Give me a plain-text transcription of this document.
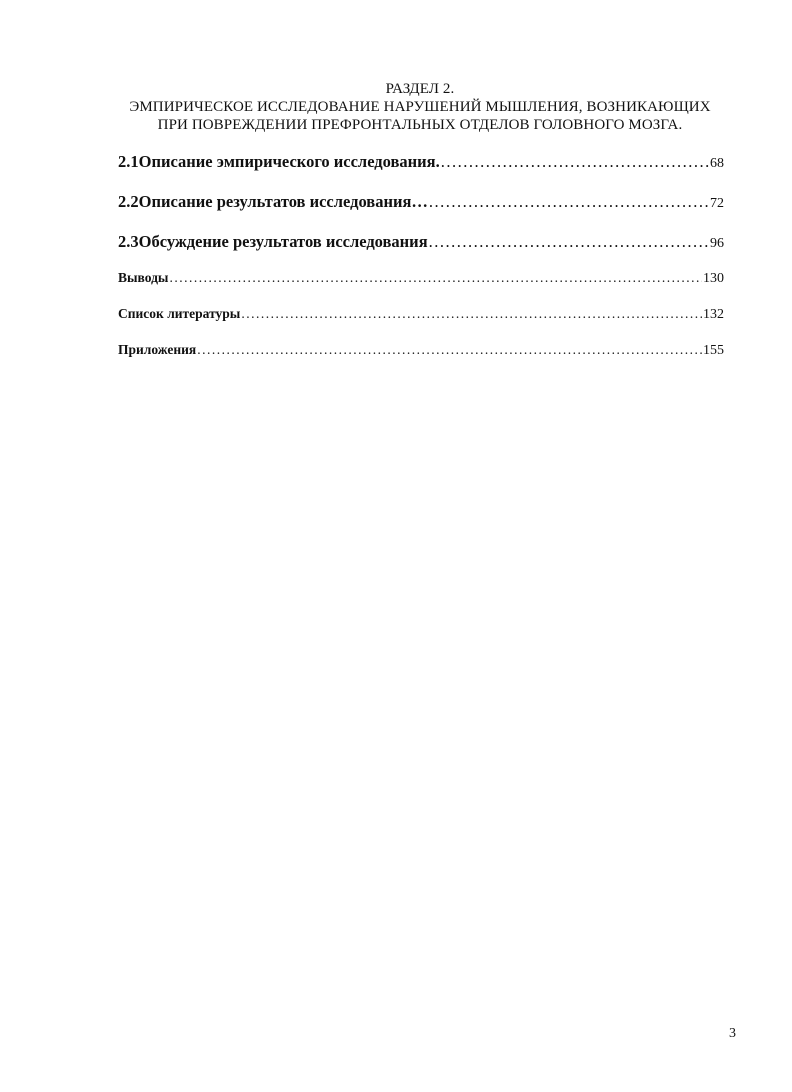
РАЗДЕЛ 2.
ЭМПИРИЧЕСКОЕ ИССЛЕДОВАНИЕ НАРУШЕНИЙ МЫШЛЕНИЯ, ВОЗНИКАЮЩИХ
ПРИ ПОВРЕЖДЕНИИ ПРЕФРОНТАЛЬНЫХ ОТДЕЛОВ ГОЛОВНОГО МОЗГА.
2.1 Описание эмпирического исследования. .....	68
2.2 Описание результатов исследования… .....	72
2.3 Обсуждение результатов исследования .....	96
Выводы .....	130
Список литературы .....	132
Приложения .....	155
3
